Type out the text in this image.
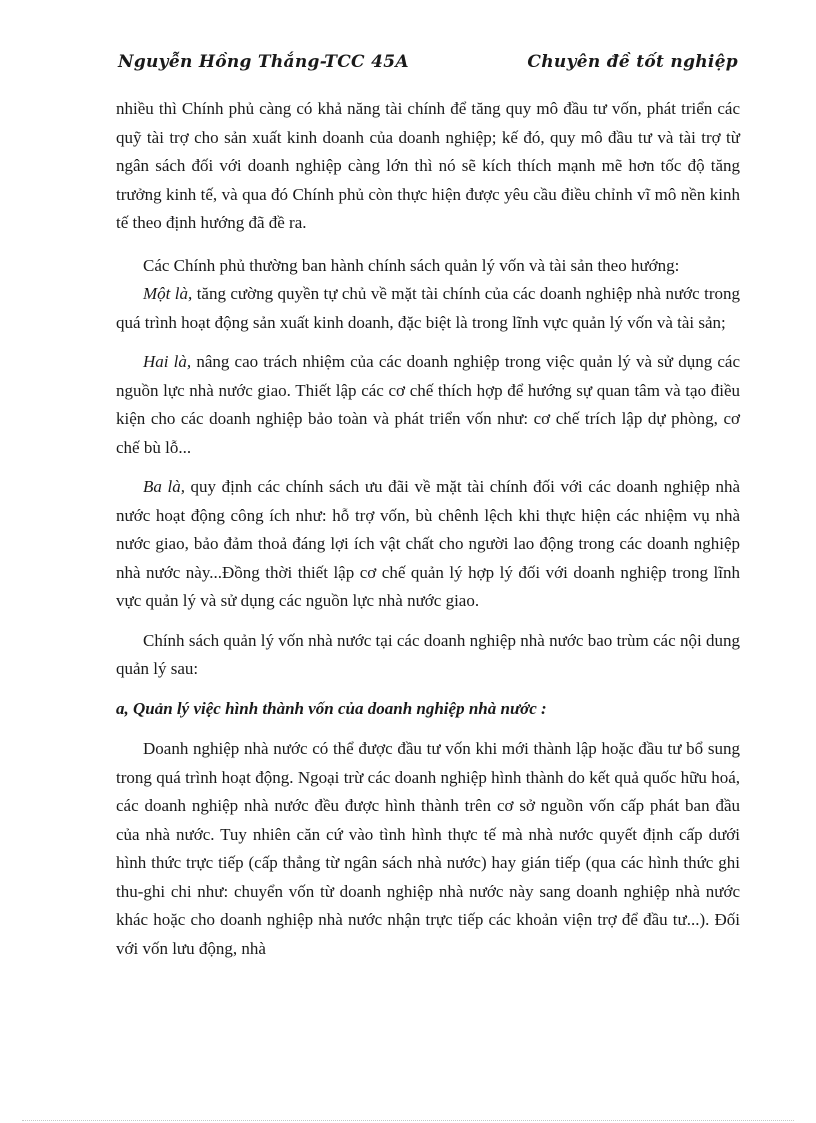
Nguyễn Hồng Thắng-TCC 45A	Chuyên đề tốt nghiệp

nhiều thì Chính phủ càng có khả năng tài chính để tăng quy mô đầu tư vốn, phát triển các quỹ tài trợ cho sản xuất kinh doanh của doanh nghiệp; kế đó, quy mô đầu tư và tài trợ từ ngân sách đối với doanh nghiệp càng lớn thì nó sẽ kích thích mạnh mẽ hơn tốc độ tăng trưởng kinh tế, và qua đó Chính phủ còn thực hiện được yêu cầu điều chỉnh vĩ mô nền kinh tế theo định hướng đã đề ra.

Các Chính phủ thường ban hành chính sách quản lý vốn và tài sản theo hướng:

Một là, tăng cường quyền tự chủ về mặt tài chính của các doanh nghiệp nhà nước trong quá trình hoạt động sản xuất kinh doanh, đặc biệt là trong lĩnh vực quản lý vốn và tài sản;

Hai là, nâng cao trách nhiệm của các doanh nghiệp trong việc quản lý và sử dụng các nguồn lực nhà nước giao. Thiết lập các cơ chế thích hợp để hướng sự quan tâm và tạo điều kiện cho các doanh nghiệp bảo toàn và phát triển vốn như: cơ chế trích lập dự phòng, cơ chế bù lỗ...

Ba là, quy định các chính sách ưu đãi về mặt tài chính đối với các doanh nghiệp nhà nước hoạt động công ích như: hỗ trợ vốn, bù chênh lệch khi thực hiện các nhiệm vụ nhà nước giao, bảo đảm thoả đáng lợi ích vật chất cho người lao động trong các doanh nghiệp nhà nước này...Đồng thời thiết lập cơ chế quản lý hợp lý đối với doanh nghiệp trong lĩnh vực quản lý và sử dụng các nguồn lực nhà nước giao.

Chính sách quản lý vốn nhà nước tại các doanh nghiệp nhà nước bao trùm các nội dung quản lý sau:

a, Quản lý việc hình thành vốn của doanh nghiệp nhà nước :

Doanh nghiệp nhà nước có thể được đầu tư vốn khi mới thành lập hoặc đầu tư bổ sung trong quá trình hoạt động. Ngoại trừ các doanh nghiệp hình thành do kết quả quốc hữu hoá, các doanh nghiệp nhà nước đều được hình thành trên cơ sở nguồn vốn cấp phát ban đầu của nhà nước. Tuy nhiên căn cứ vào tình hình thực tế mà nhà nước quyết định cấp dưới hình thức trực tiếp (cấp thẳng từ ngân sách nhà nước) hay gián tiếp (qua các hình thức ghi thu-ghi chi như: chuyển vốn từ doanh nghiệp nhà nước này sang doanh nghiệp nhà nước khác hoặc cho doanh nghiệp nhà nước nhận trực tiếp các khoản viện trợ để đầu tư...). Đối với vốn lưu động, nhà
